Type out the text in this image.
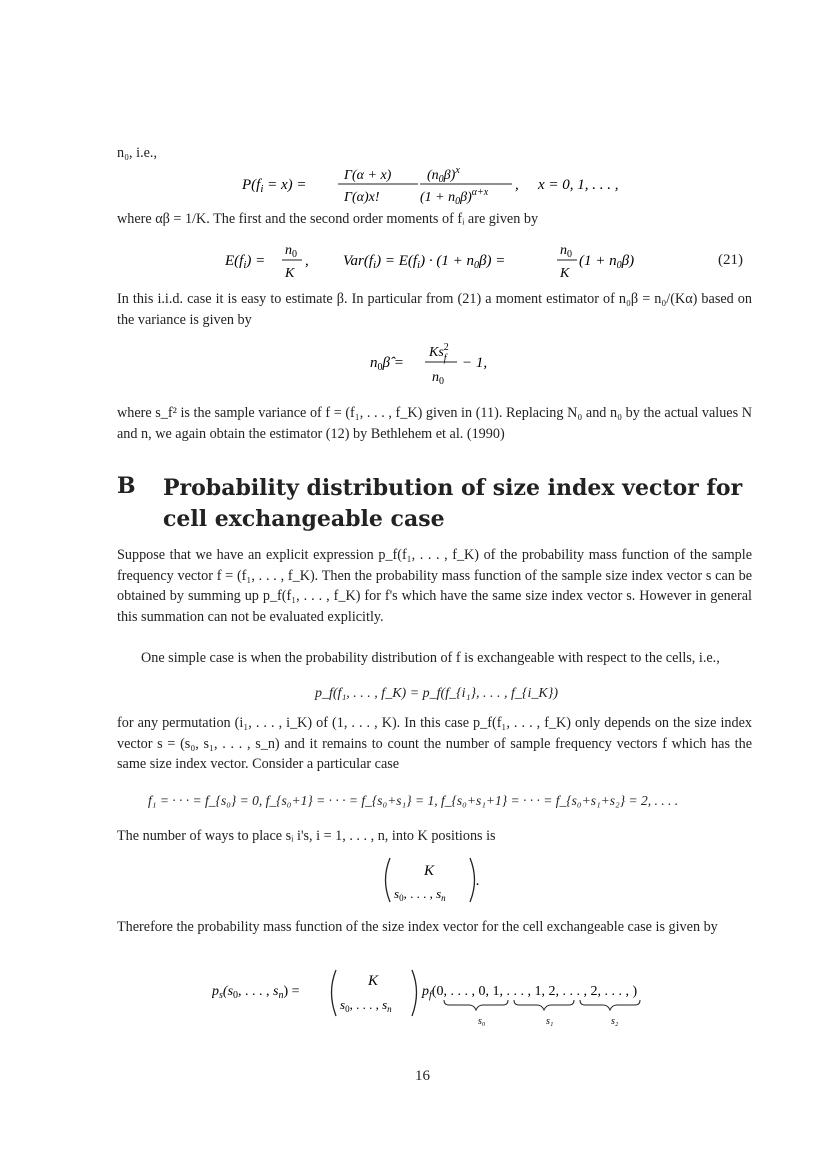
n₀, i.e.,
$P(f_i = x)$ =
Γ(α + x)
Γ(α)x!
$(n_0\beta)^x$
$(1 + n_0\beta)^{\alpha+x}$ , x = 0, 1, . . . ,
where αβ = 1/K. The first and the second order moments of fᵢ are given by
$E(f_i)$ =
$n_0$
K
, $Var(f_i) = E(f_i) \cdot (1 + n_0\beta)$ =
$n_0$
K
$(1 + n_0\beta)$	(21)
In this i.i.d. case it is easy to estimate β. In particular from (21) a moment estimator of n₀β = n₀/(Kα) based on the variance is given by
$n_0\betâ$ =
$Ks^2$ f
$n_0$
− 1,
where s_f² is the sample variance of f = (f₁, . . . , f_K) given in (11). Replacing N₀ and n₀ by the actual values N and n, we again obtain the estimator (12) by Bethlehem et al. (1990)
B Probability distribution of size index vector for cell exchangeable case
Suppose that we have an explicit expression p_f(f₁, . . . , f_K) of the probability mass function of the sample frequency vector f = (f₁, . . . , f_K). Then the probability mass function of the sample size index vector s can be obtained by summing up p_f(f₁, . . . , f_K) for f's which have the same size index vector s. However in general this summation can not be evaluated explicitly.
One simple case is when the probability distribution of f is exchangeable with respect to the cells, i.e.,
p_f(f₁, . . . , f_K) = p_f(f_{i₁}, . . . , f_{i_K})
for any permutation (i₁, . . . , i_K) of (1, . . . , K). In this case p_f(f₁, . . . , f_K) only depends on the size index vector s = (s₀, s₁, . . . , s_n) and it remains to count the number of sample frequency vectors f which has the same size index vector. Consider a particular case
f₁ = · · · = f_{s₀} = 0, f_{s₀+1} = · · · = f_{s₀+s₁} = 1, f_{s₀+s₁+1} = · · · = f_{s₀+s₁+s₂} = 2, . . . .
The number of ways to place sᵢ i's, i = 1, . . . , n, into K positions is
K
$s_0$, . . . , $s_n$
.
Therefore the probability mass function of the size index vector for the cell exchangeable case is given by
$p_s(s_0$, . . . , $s_n$) =
K
$s_0$, . . . , $s_n$
$p_f(0$, . . . , 0, 1, . . . , 1, 2, . . . , 2, . . . , )
s₀	s₁	s₂
16
